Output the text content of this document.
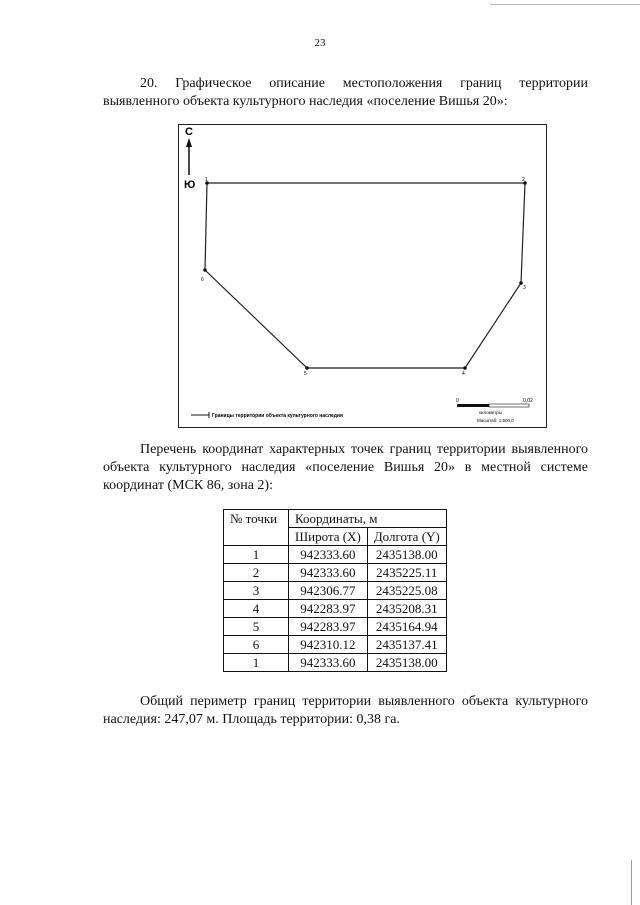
23
20. Графическое описание местоположения границ территории выявленного объекта культурного наследия «поселение Вишья 20»:
С
Ю 1	2
3
4
5
6
Границы территории объекта культурного наследия
0	0,02
километры
Масштаб: 1:500,0
Перечень координат характерных точек границ территории выявленного объекта культурного наследия «поселение Вишья 20» в местной системе координат (МСК 86, зона 2):
№ точки	Координаты, м	
	Широта (X)	Долгота (Y)
1	942333.60	2435138.00
2	942333.60	2435225.11
3	942306.77	2435225.08
4	942283.97	2435208.31
5	942283.97	2435164.94
6	942310.12	2435137.41
1	942333.60	2435138.00
Общий периметр границ территории выявленного объекта культурного наследия: 247,07 м. Площадь территории: 0,38 га.
